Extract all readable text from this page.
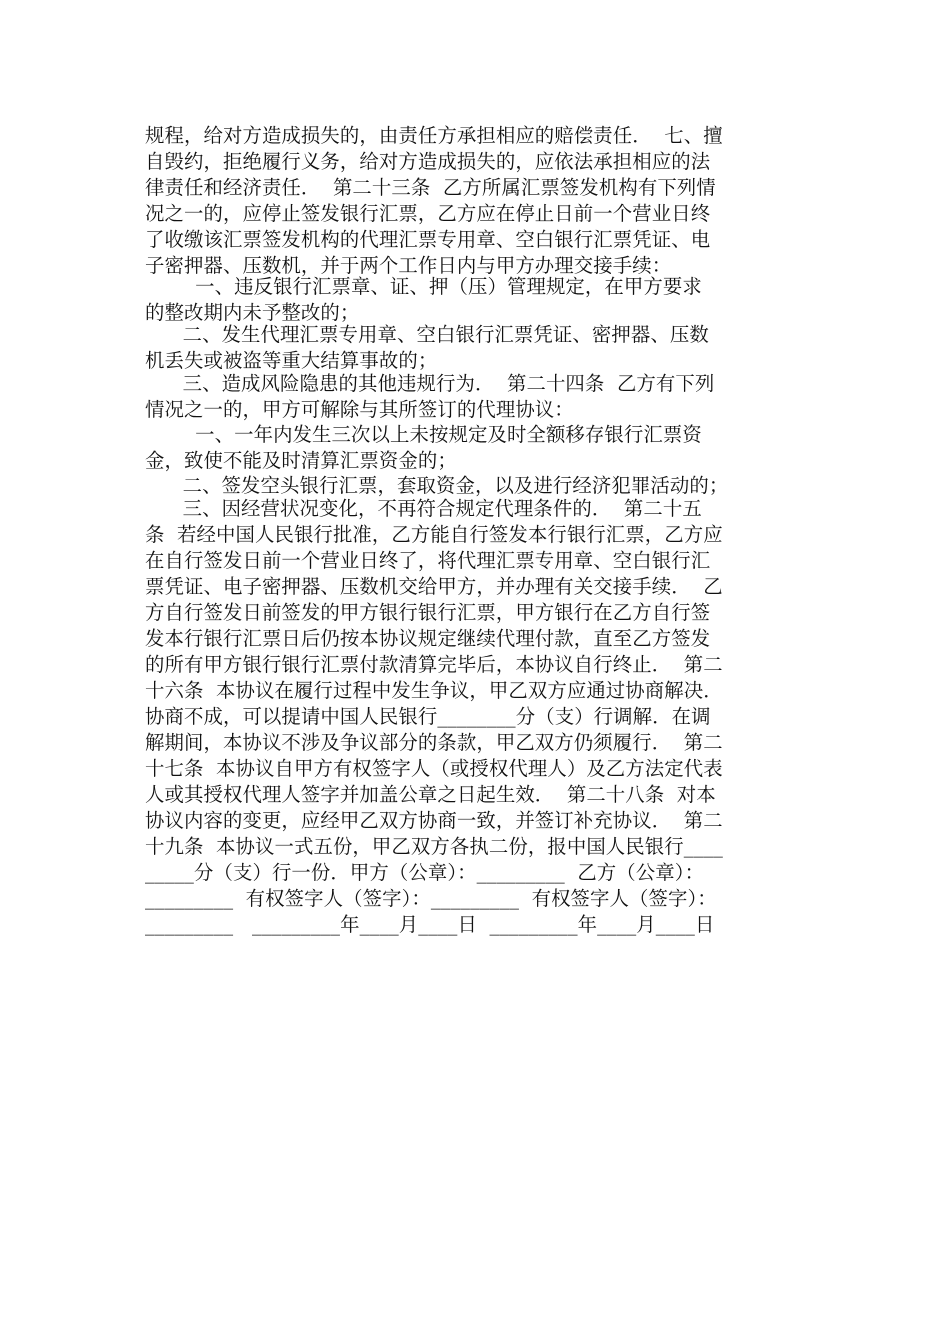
规程，给对方造成损失的，由责任方承担相应的赔偿责任．  七、擅
自毁约，拒绝履行义务，给对方造成损失的，应依法承担相应的法
律责任和经济责任．  第二十三条  乙方所属汇票签发机构有下列情
况之一的，应停止签发银行汇票，乙方应在停止日前一个营业日终
了收缴该汇票签发机构的代理汇票专用章、空白银行汇票凭证、电
子密押器、压数机，并于两个工作日内与甲方办理交接手续：
一、违反银行汇票章、证、押（压）管理规定，在甲方要求
的整改期内未予整改的；
二、发生代理汇票专用章、空白银行汇票凭证、密押器、压数
机丢失或被盗等重大结算事故的；
三、造成风险隐患的其他违规行为．  第二十四条  乙方有下列
情况之一的，甲方可解除与其所签订的代理协议：
一、一年内发生三次以上未按规定及时全额移存银行汇票资
金，致使不能及时清算汇票资金的；
二、签发空头银行汇票，套取资金，以及进行经济犯罪活动的；
三、因经营状况变化，不再符合规定代理条件的．  第二十五
条  若经中国人民银行批准，乙方能自行签发本行银行汇票，乙方应
在自行签发日前一个营业日终了，将代理汇票专用章、空白银行汇
票凭证、电子密押器、压数机交给甲方，并办理有关交接手续．  乙
方自行签发日前签发的甲方银行银行汇票，甲方银行在乙方自行签
发本行银行汇票日后仍按本协议规定继续代理付款，直至乙方签发
的所有甲方银行银行汇票付款清算完毕后，本协议自行终止．  第二
十六条  本协议在履行过程中发生争议，甲乙双方应通过协商解决．
协商不成，可以提请中国人民银行________分（支）行调解．在调
解期间，本协议不涉及争议部分的条款，甲乙双方仍须履行．  第二
十七条  本协议自甲方有权签字人（或授权代理人）及乙方法定代表
人或其授权代理人签字并加盖公章之日起生效．  第二十八条  对本
协议内容的变更，应经甲乙双方协商一致，并签订补充协议．  第二
十九条  本协议一式五份，甲乙双方各执二份，报中国人民银行____
_____分（支）行一份．甲方（公章）：_________  乙方（公章）：
_________  有权签字人（签字）：_________  有权签字人（签字）：
_________   _________年____月____日  _________年____月____日
